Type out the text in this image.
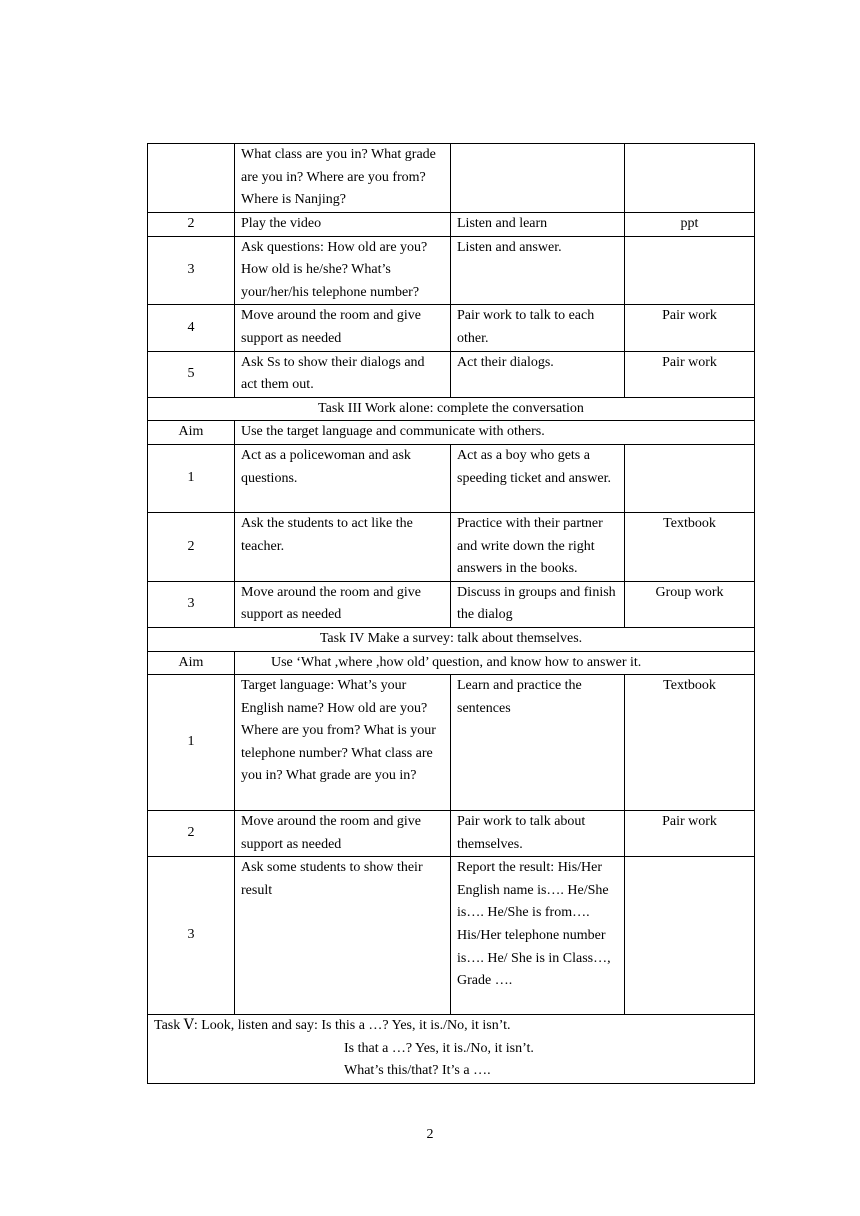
	What class are you in? What grade are you in? Where are you from? Where is Nanjing?		
2	Play the video	Listen and learn	ppt
3	Ask questions: How old are you? How old is he/she? What’s your/her/his telephone number?	Listen and answer.	
4	Move around the room and give support as needed	Pair work to talk to each other.	Pair work
5	Ask Ss to show their dialogs and act them out.	Act their dialogs.	Pair work
Task III Work alone: complete the conversation			
Aim	Use the target language and communicate with others.		
1	Act as a policewoman and ask questions.	Act as a boy who gets a speeding ticket and answer.	
2	Ask the students to act like the teacher.	Practice with their partner and write down the right answers in the books.	Textbook
3	Move around the room and give support as needed	Discuss in groups and finish the dialog	Group work
Task IV Make a survey: talk about themselves.			
Aim	Use ‘What ,where ,how old’ question, and know how to answer it.		
1	Target language: What’s your English name? How old are you? Where are you from? What is your telephone number? What class are you in? What grade are you in?	Learn and practice the sentences	Textbook
2	Move around the room and give support as needed	Pair work to talk about themselves.	Pair work
3	Ask some students to show their result	Report the result: His/Her English name is…. He/She is…. He/She is from…. His/Her telephone number is…. He/ She is in Class…, Grade ….	

Task Ⅴ: Look, listen and say: Is this a …? Yes, it is./No, it isn’t.
Is that a …? Yes, it is./No, it isn’t.
What’s this/that? It’s a ….			
2
